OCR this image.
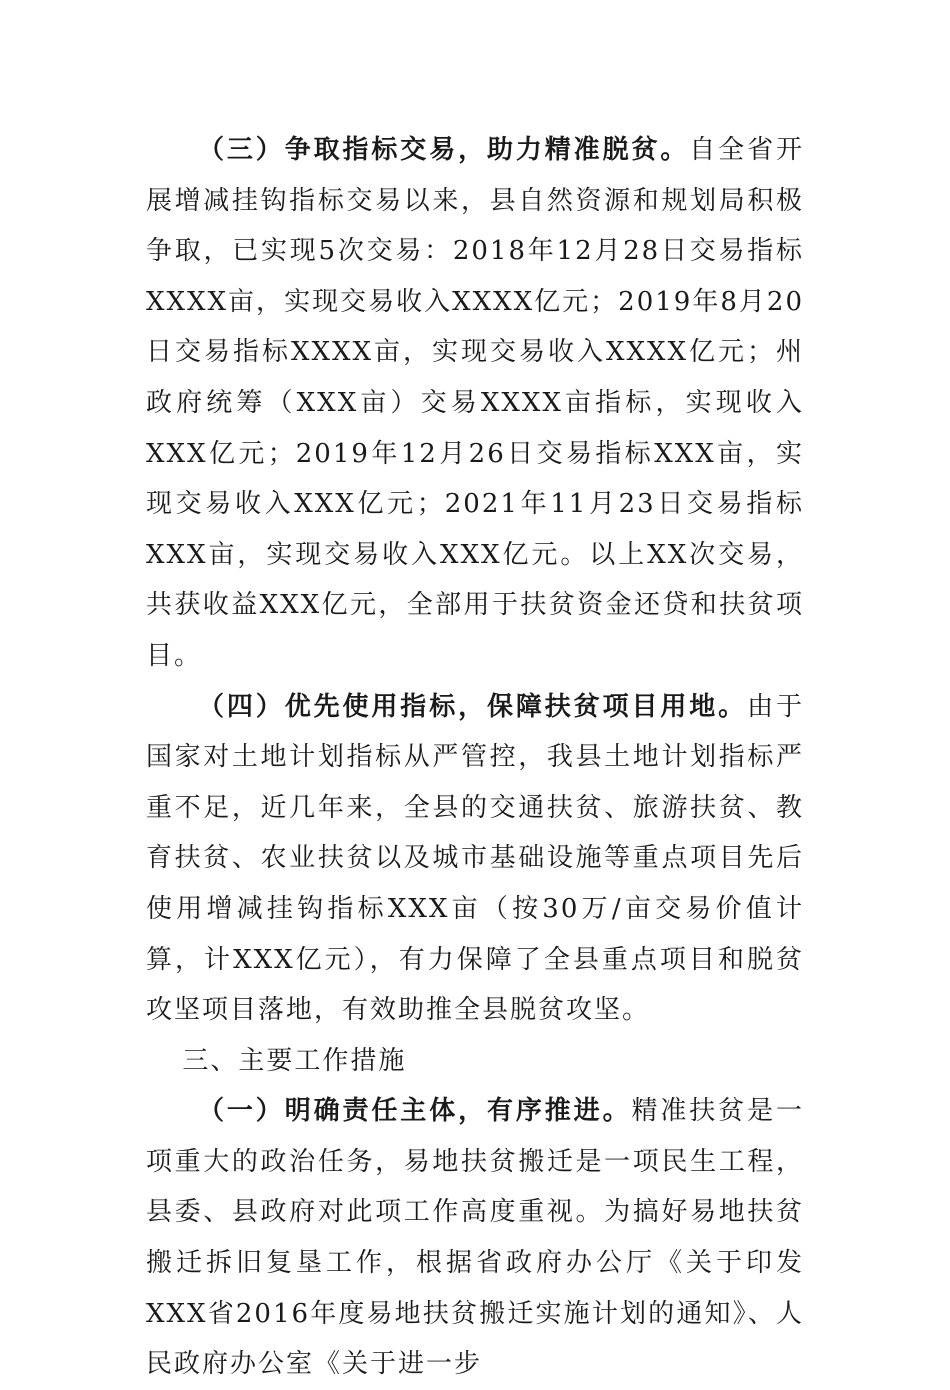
（三）争取指标交易，助力精准脱贫。自全省开展增减挂钩指标交易以来，县自然资源和规划局积极争取，已实现5次交易：2018年12月28日交易指标XXXX亩，实现交易收入XXXX亿元；2019年8月20日交易指标XXXX亩，实现交易收入XXXX亿元；州政府统筹（XXX亩）交易XXXX亩指标，实现收入XXX亿元；2019年12月26日交易指标XXX亩，实现交易收入XXX亿元；2021年11月23日交易指标XXX亩，实现交易收入XXX亿元。以上XX次交易，共获收益XXX亿元，全部用于扶贫资金还贷和扶贫项目。

（四）优先使用指标，保障扶贫项目用地。由于国家对土地计划指标从严管控，我县土地计划指标严重不足，近几年来，全县的交通扶贫、旅游扶贫、教育扶贫、农业扶贫以及城市基础设施等重点项目先后使用增减挂钩指标XXX亩（按30万/亩交易价值计算，计XXX亿元），有力保障了全县重点项目和脱贫攻坚项目落地，有效助推全县脱贫攻坚。

三、主要工作措施

（一）明确责任主体，有序推进。精准扶贫是一项重大的政治任务，易地扶贫搬迁是一项民生工程，县委、县政府对此项工作高度重视。为搞好易地扶贫搬迁拆旧复垦工作，根据省政府办公厅《关于印发XXX省2016年度易地扶贫搬迁实施计划的通知》、人民政府办公室《关于进一步
